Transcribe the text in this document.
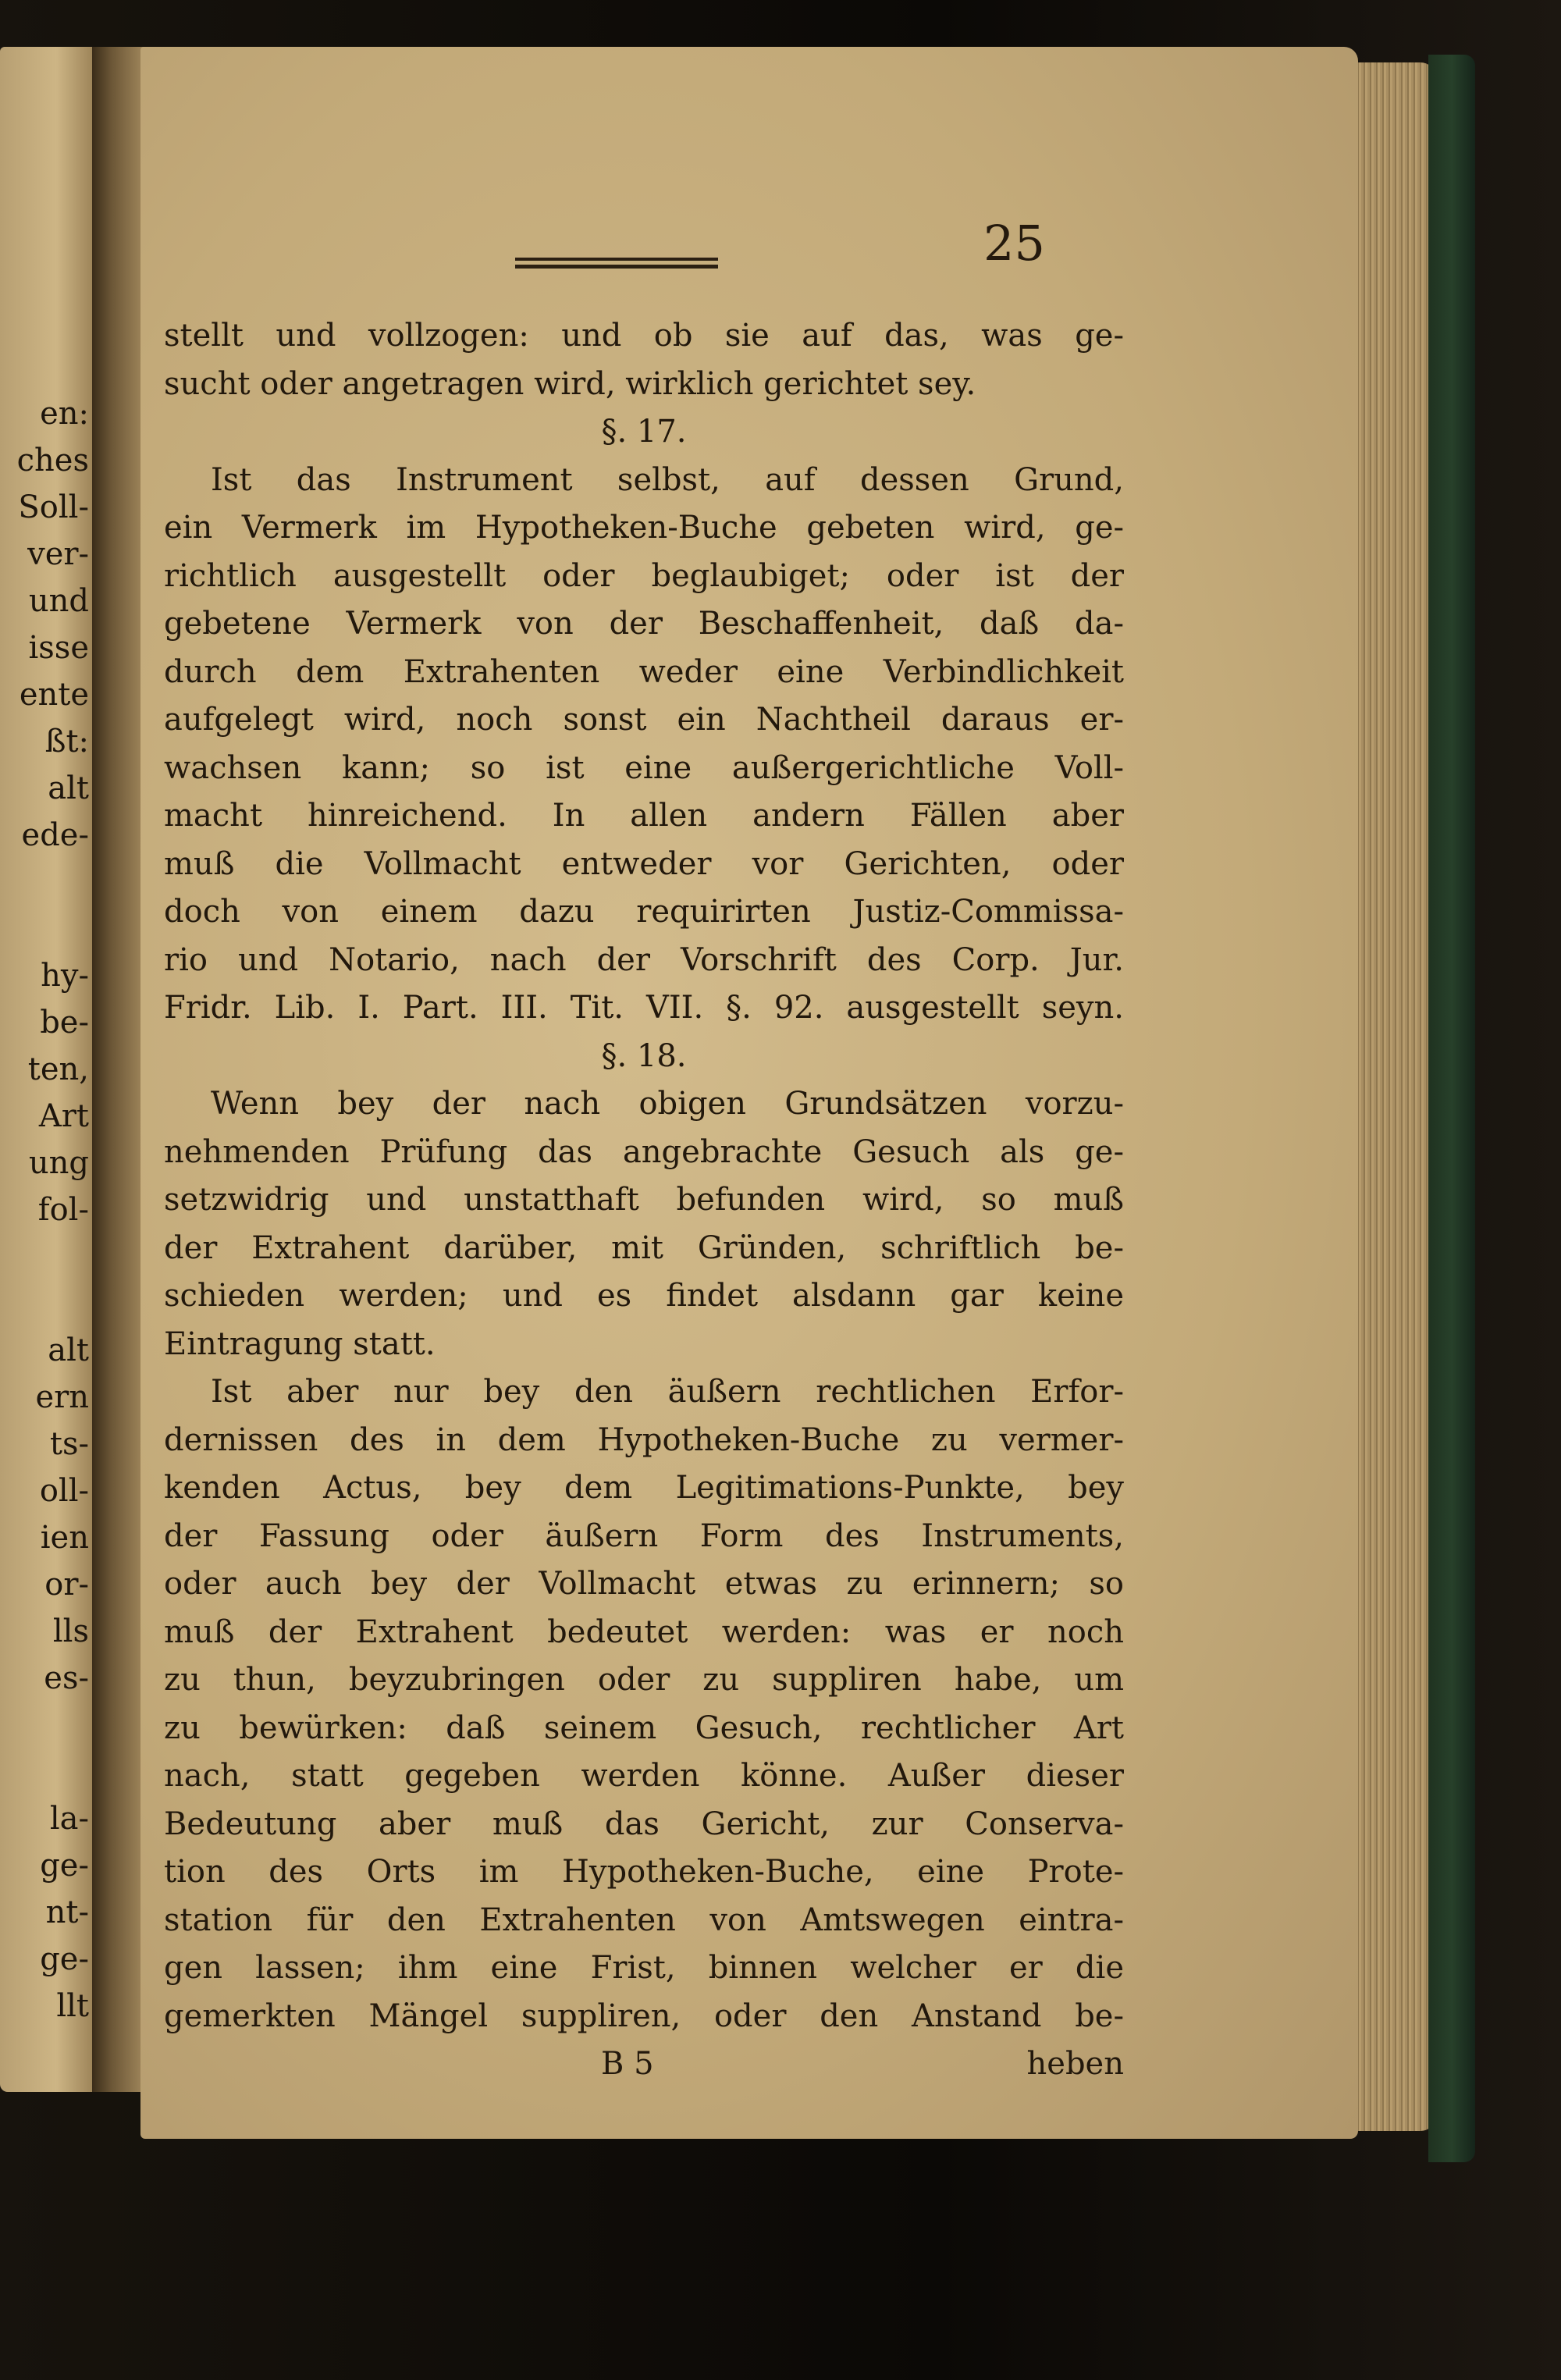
en:
ches
Soll-
ver-
und
isse
ente
ßt:
alt
ede-
hy-
be-
ten,
Art
ung
fol-
alt
ern
ts-
oll-
ien
or-
lls
es-
la-
ge-
nt-
ge-
llt
25
stellt und vollzogen: und ob sie auf das, was ge-
sucht oder angetragen wird, wirklich gerichtet sey.
§. 17.
Ist das Instrument selbst, auf dessen Grund,
ein Vermerk im Hypotheken-Buche gebeten wird, ge-
richtlich ausgestellt oder beglaubiget; oder ist der
gebetene Vermerk von der Beschaffenheit, daß da-
durch dem Extrahenten weder eine Verbindlichkeit
aufgelegt wird, noch sonst ein Nachtheil daraus er-
wachsen kann; so ist eine außergerichtliche Voll-
macht hinreichend. In allen andern Fällen aber
muß die Vollmacht entweder vor Gerichten, oder
doch von einem dazu requirirten Justiz-Commissa-
rio und Notario, nach der Vorschrift des Corp. Jur.
Fridr. Lib. I. Part. III. Tit. VII. §. 92. ausgestellt seyn.
§. 18.
Wenn bey der nach obigen Grundsätzen vorzu-
nehmenden Prüfung das angebrachte Gesuch als ge-
setzwidrig und unstatthaft befunden wird, so muß
der Extrahent darüber, mit Gründen, schriftlich be-
schieden werden; und es findet alsdann gar keine
Eintragung statt.
Ist aber nur bey den äußern rechtlichen Erfor-
dernissen des in dem Hypotheken-Buche zu vermer-
kenden Actus, bey dem Legitimations-Punkte, bey
der Fassung oder äußern Form des Instruments,
oder auch bey der Vollmacht etwas zu erinnern; so
muß der Extrahent bedeutet werden: was er noch
zu thun, beyzubringen oder zu suppliren habe, um
zu bewürken: daß seinem Gesuch, rechtlicher Art
nach, statt gegeben werden könne. Außer dieser
Bedeutung aber muß das Gericht, zur Conserva-
tion des Orts im Hypotheken-Buche, eine Prote-
station für den Extrahenten von Amtswegen eintra-
gen lassen; ihm eine Frist, binnen welcher er die
gemerkten Mängel suppliren, oder den Anstand be-
B 5	heben
